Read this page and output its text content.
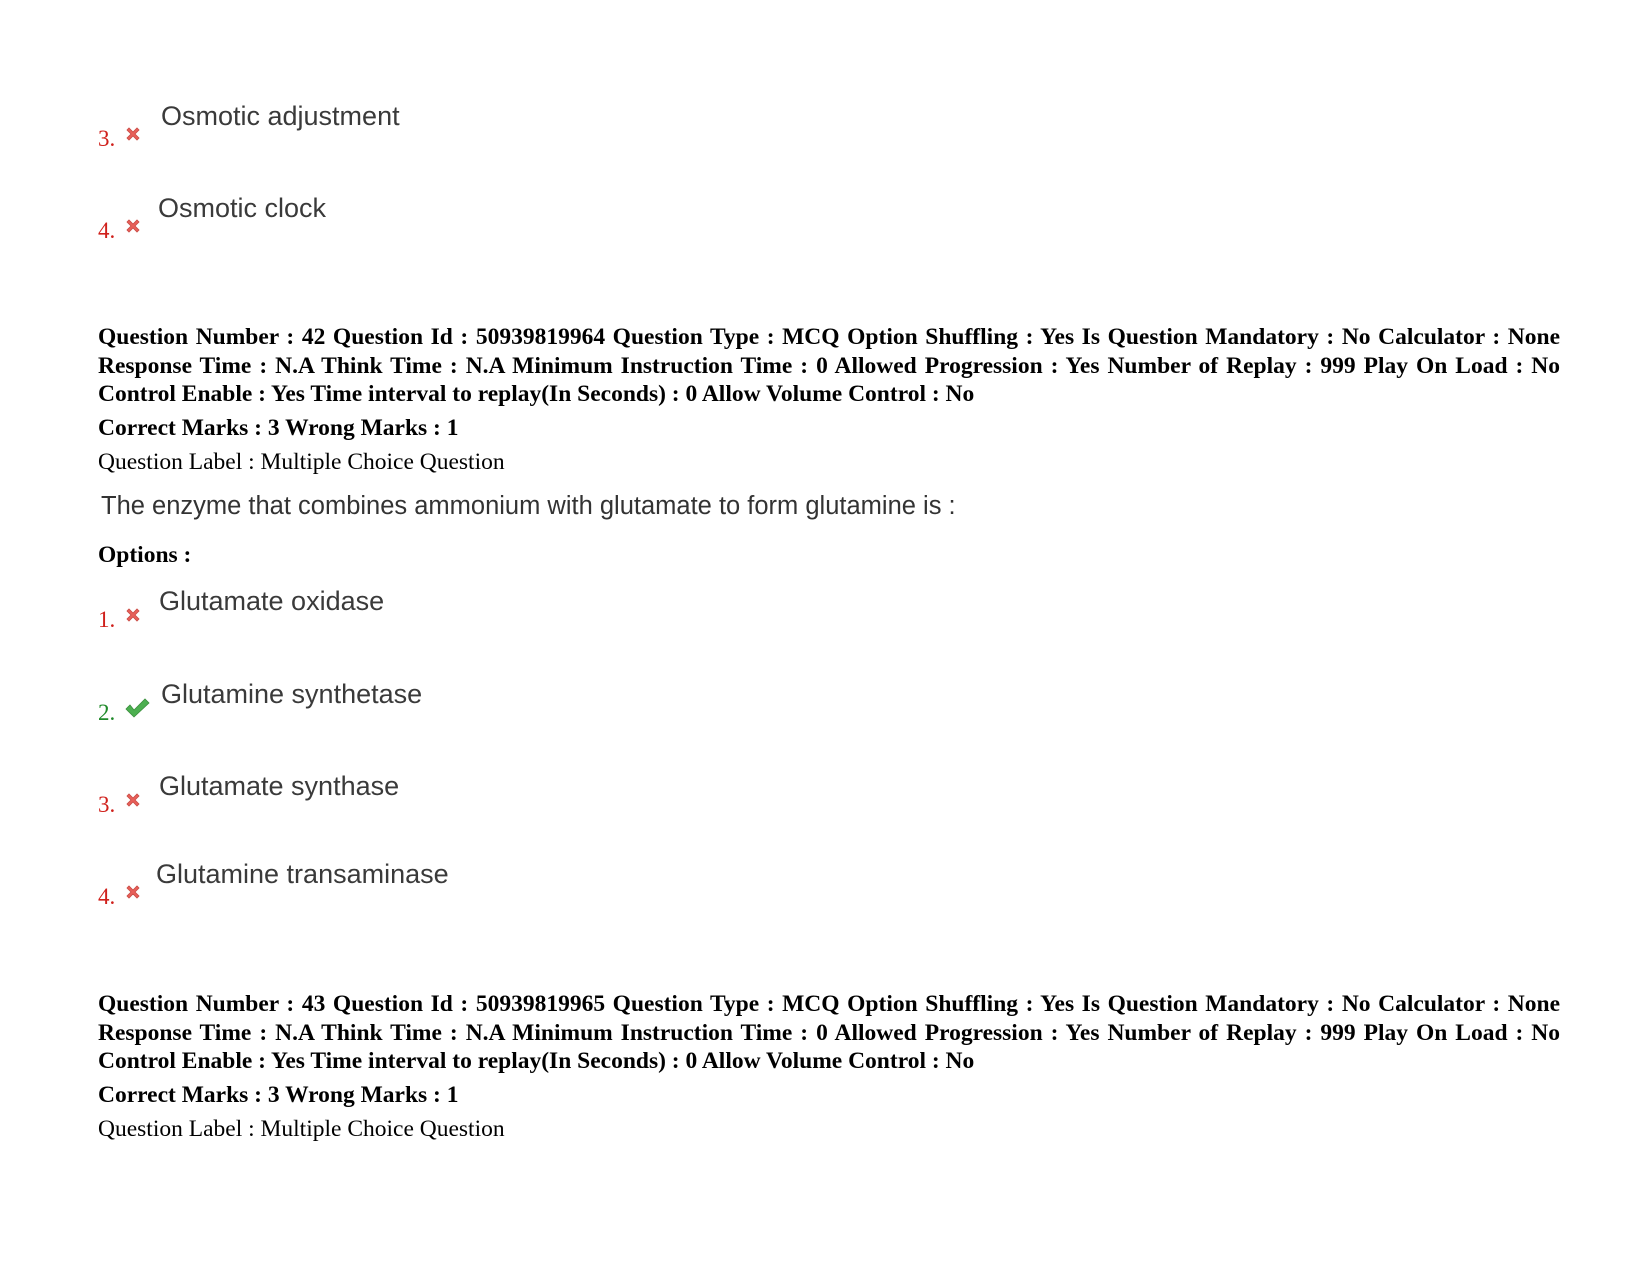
3.
Osmotic adjustment
4.
Osmotic clock

Question Number : 42 Question Id : 50939819964 Question Type : MCQ Option Shuffling : Yes Is Question Mandatory : No Calculator : None Response Time : N.A Think Time : N.A Minimum Instruction Time : 0 Allowed Progression : Yes Number of Replay : 999 Play On Load : No Control Enable : Yes Time interval to replay(In Seconds) : 0 Allow Volume Control : No

Correct Marks : 3 Wrong Marks : 1

Question Label : Multiple Choice Question

The enzyme that combines ammonium with glutamate to form glutamine is :

Options :

1.
Glutamate oxidase
2.
Glutamine synthetase
3.
Glutamate synthase
4.
Glutamine transaminase

Question Number : 43 Question Id : 50939819965 Question Type : MCQ Option Shuffling : Yes Is Question Mandatory : No Calculator : None Response Time : N.A Think Time : N.A Minimum Instruction Time : 0 Allowed Progression : Yes Number of Replay : 999 Play On Load : No Control Enable : Yes Time interval to replay(In Seconds) : 0 Allow Volume Control : No

Correct Marks : 3 Wrong Marks : 1

Question Label : Multiple Choice Question
